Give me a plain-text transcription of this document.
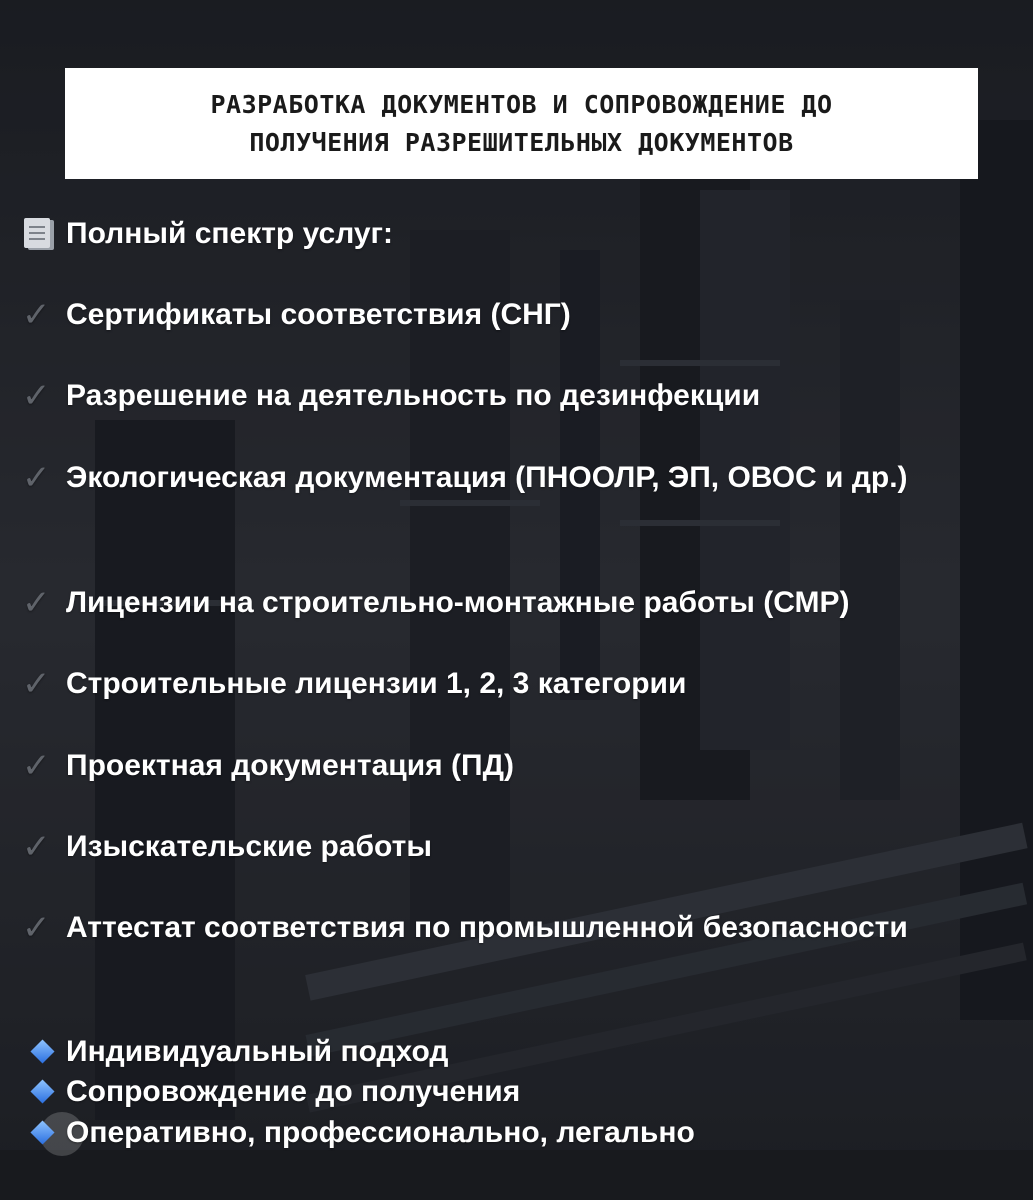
РАЗРАБОТКА ДОКУМЕНТОВ И СОПРОВОЖДЕНИЕ ДО
ПОЛУЧЕНИЯ РАЗРЕШИТЕЛЬНЫХ ДОКУМЕНТОВ
Полный спектр услуг:
✓ Сертификаты соответствия (СНГ)
✓ Разрешение на деятельность по дезинфекции
✓ Экологическая документация (ПНООЛР, ЭП, ОВОС и др.)
✓ Лицензии на строительно-монтажные работы (СМР)
✓ Строительные лицензии 1, 2, 3 категории
✓ Проектная документация (ПД)
✓ Изыскательские работы
✓ Аттестат соответствия по промышленной безопасности
Индивидуальный подход
Сопровождение до получения
Оперативно, профессионально, легально
